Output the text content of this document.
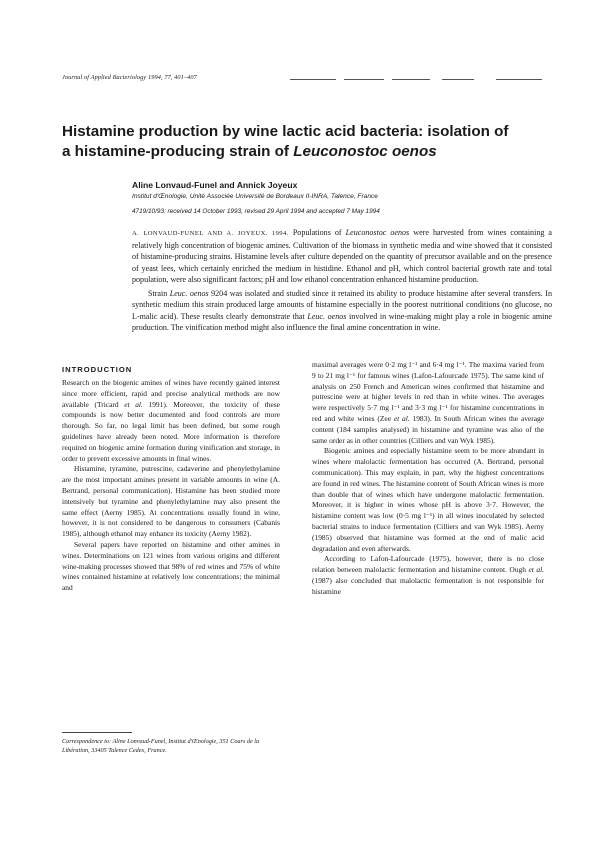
Journal of Applied Bacteriology 1994, 77, 401–407
Histamine production by wine lactic acid bacteria: isolation of
a histamine-producing strain of Leuconostoc oenos
Aline Lonvaud-Funel and Annick Joyeux
Institut d'Œnologie, Unité Associée Université de Bordeaux II-INRA, Talence, France
4719/10/93: received 14 October 1993, revised 29 April 1994 and accepted 7 May 1994

A. LONVAUD-FUNEL AND A. JOYEUX. 1994. Populations of Leuconostoc oenos were harvested from wines containing a relatively high concentration of biogenic amines. Cultivation of the biomass in synthetic media and wine showed that it consisted of histamine-producing strains. Histamine levels after culture depended on the quantity of precursor available and on the presence of yeast lees, which certainly enriched the medium in histidine. Ethanol and pH, which control bacterial growth rate and total population, were also significant factors; pH and low ethanol concentration enhanced histamine production.

Strain Leuc. oenos 9204 was isolated and studied since it retained its ability to produce histamine after several transfers. In synthetic medium this strain produced large amounts of histamine especially in the poorest nutritional conditions (no glucose, no L-malic acid). These results clearly demonstrate that Leuc. oenos involved in wine-making might play a role in biogenic amine production. The vinification method might also influence the final amine concentration in wine.

INTRODUCTION

Research on the biogenic amines of wines have recently gained interest since more efficient, rapid and precise analytical methods are now available (Tricard et al. 1991). Moreover, the toxicity of these compounds is now better documented and food controls are more thorough. So far, no legal limit has been defined, but some rough guidelines have already been noted. More information is therefore required on biogenic amine formation during vinification and storage, in order to prevent excessive amounts in final wines.

Histamine, tyramine, putrescine, cadaverine and phenylethylamine are the most important amines present in variable amounts in wine (A. Bertrand, personal communication). Histamine has been studied more intensively but tyramine and phenylethylamine may also present the same effect (Aerny 1985). At concentrations usually found in wine, however, it is not considered to be dangerous to consumers (Cabanis 1985), although ethanol may enhance its toxicity (Aerny 1982).

Several papers have reported on histamine and other amines in wines. Determinations on 121 wines from various origins and different wine-making processes showed that 98% of red wines and 75% of white wines contained histamine at relatively low concentrations; the minimal and

maximal averages were 0·2 mg l⁻¹ and 6·4 mg l⁻¹. The maxima varied from 9 to 21 mg l⁻¹ for famous wines (Lafon-Lafourcade 1975). The same kind of analysis on 250 French and American wines confirmed that histamine and putrescine were at higher levels in red than in white wines. The averages were respectively 5·7 mg l⁻¹ and 3·3 mg l⁻¹ for histamine concentrations in red and white wines (Zee et al. 1983). In South African wines the average content (184 samples analysed) in histamine and tyramine was also of the same order as in other countries (Cilliers and van Wyk 1985).

Biogenic amines and especially histamine seem to be more abundant in wines where malolactic fermentation has occurred (A. Bertrand, personal communication). This may explain, in part, why the highest concentrations are found in red wines. The histamine content of South African wines is more than double that of wines which have undergone malolactic fermentation. Moreover, it is higher in wines whose pH is above 3·7. However, the histamine content was low (0·5 mg l⁻¹) in all wines inoculated by selected bacterial strains to induce fermentation (Cilliers and van Wyk 1985). Aerny (1985) observed that histamine was formed at the end of malic acid degradation and even afterwards.

According to Lafon-Lafourcade (1975), however, there is no close relation between malolactic fermentation and histamine content. Ough et al. (1987) also concluded that malolactic fermentation is not responsible for histamine

Correspondence to: Aline Lonvaud-Funel, Institut d'Œnologie, 351 Cours de la Libération, 33405 Talence Cedex, France.
